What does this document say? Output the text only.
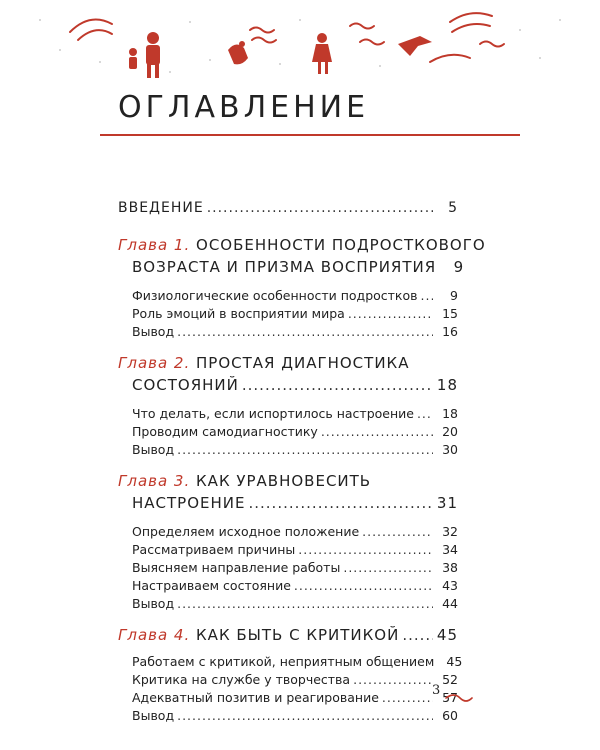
ОГЛАВЛЕНИЕ
ВВЕДЕНИЕ .....	5
Глава 1. ОСОБЕННОСТИ ПОДРОСТКОВОГО
ВОЗРАСТА И ПРИЗМА ВОСПРИЯТИЯ	9
Физиологические особенности подростков .....	9
Роль эмоций в восприятии мира .....	15
Вывод .....	16
Глава 2. ПРОСТАЯ ДИАГНОСТИКА
СОСТОЯНИЙ .....	18
Что делать, если испортилось настроение .....	18
Проводим самодиагностику .....	20
Вывод .....	30
Глава 3. КАК УРАВНОВЕСИТЬ
НАСТРОЕНИЕ .....	31
Определяем исходное положение .....	32
Рассматриваем причины .....	34
Выясняем направление работы .....	38
Настраиваем состояние .....	43
Вывод .....	44
Глава 4. КАК БЫТЬ С КРИТИКОЙ .....	45
Работаем с критикой, неприятным общением 45
Критика на службе у творчества .....	52
Адекватный позитив и реагирование .....	57
Вывод .....	60
3
